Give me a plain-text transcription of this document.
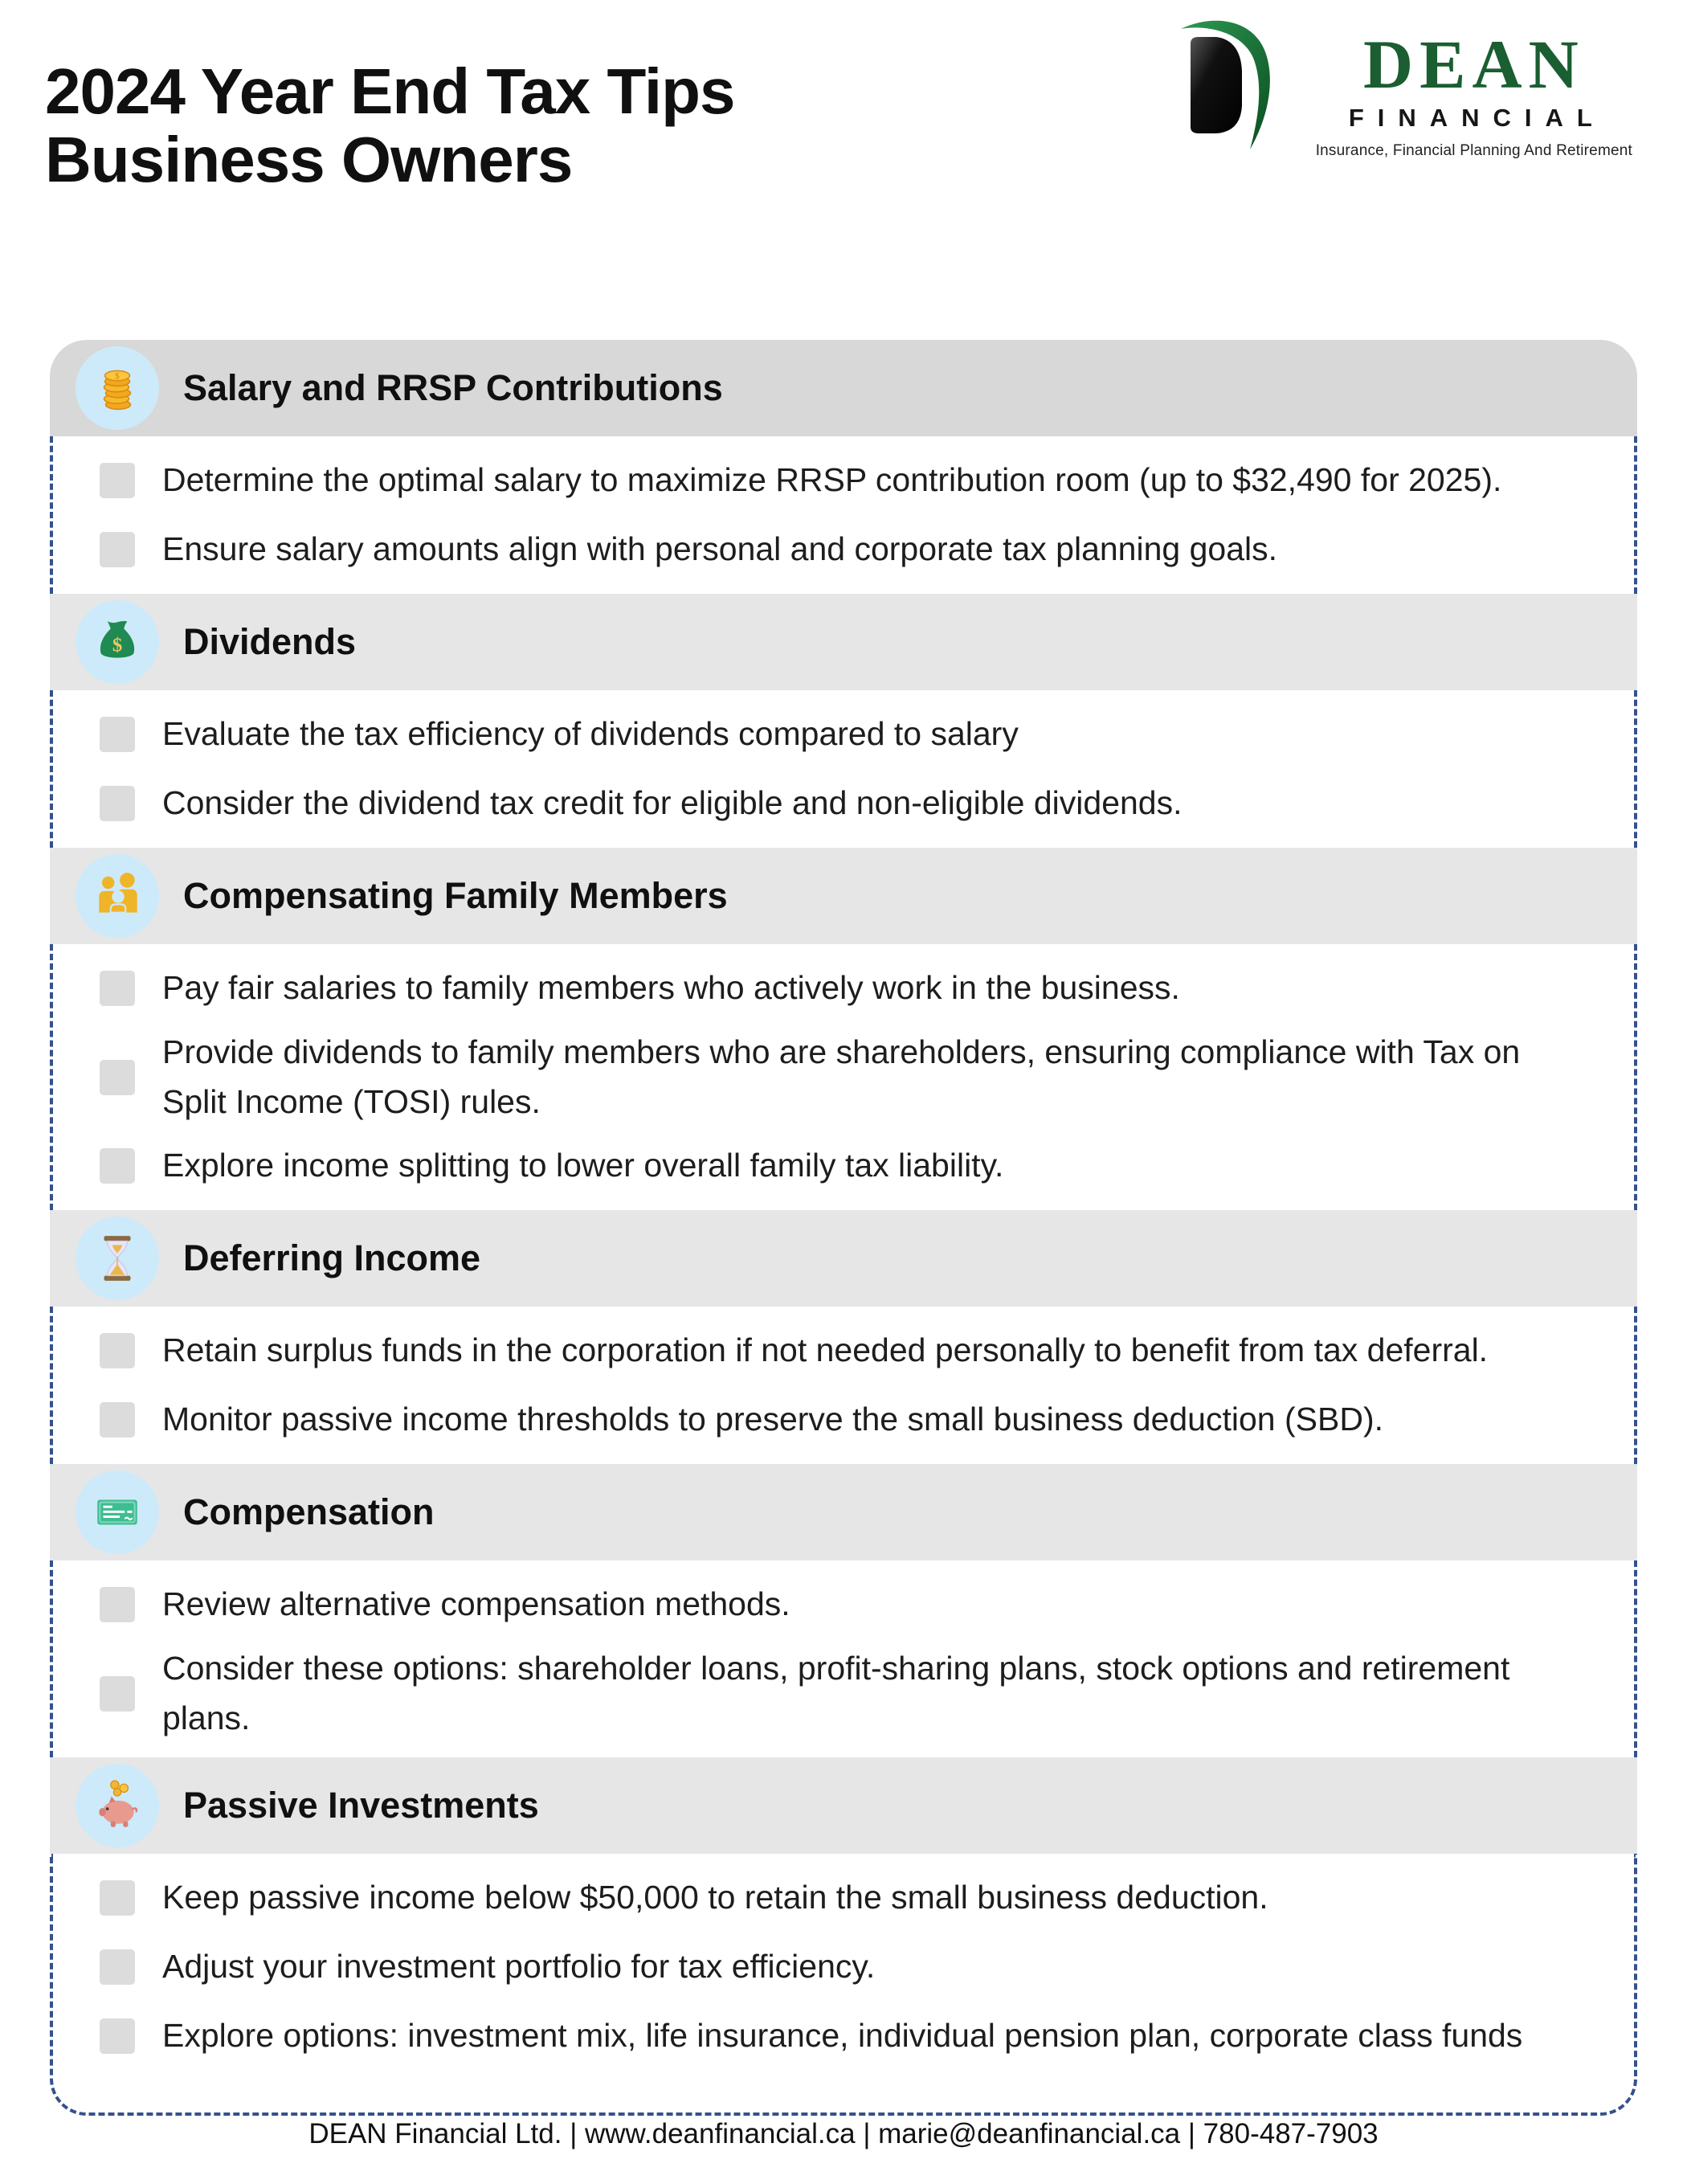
2024 Year End Tax Tips
Business Owners
DEAN
FINANCIAL
Insurance, Financial Planning And Retirement
$ Salary and RRSP Contributions
Determine the optimal salary to maximize RRSP contribution room (up to $32,490 for 2025).
Ensure salary amounts align with personal and corporate tax planning goals.
$ Dividends
Evaluate the tax efficiency of dividends compared to salary
Consider the dividend tax credit for eligible and non-eligible dividends.
Compensating Family Members
Pay fair salaries to family members who actively work in the business.
Provide dividends to family members who are shareholders, ensuring compliance with Tax on Split Income (TOSI) rules.
Explore income splitting to lower overall family tax liability.
Deferring Income
Retain surplus funds in the corporation if not needed personally to benefit from tax deferral.
Monitor passive income thresholds to preserve the small business deduction (SBD).
Compensation
Review alternative compensation methods.
Consider these options: shareholder loans, profit-sharing plans, stock options and retirement plans.
Passive Investments
Keep passive income below $50,000 to retain the small business deduction.
Adjust your investment portfolio for tax efficiency.
Explore options: investment mix, life insurance, individual pension plan, corporate class funds
DEAN Financial Ltd. | www.deanfinancial.ca | marie@deanfinancial.ca | 780-487-7903
